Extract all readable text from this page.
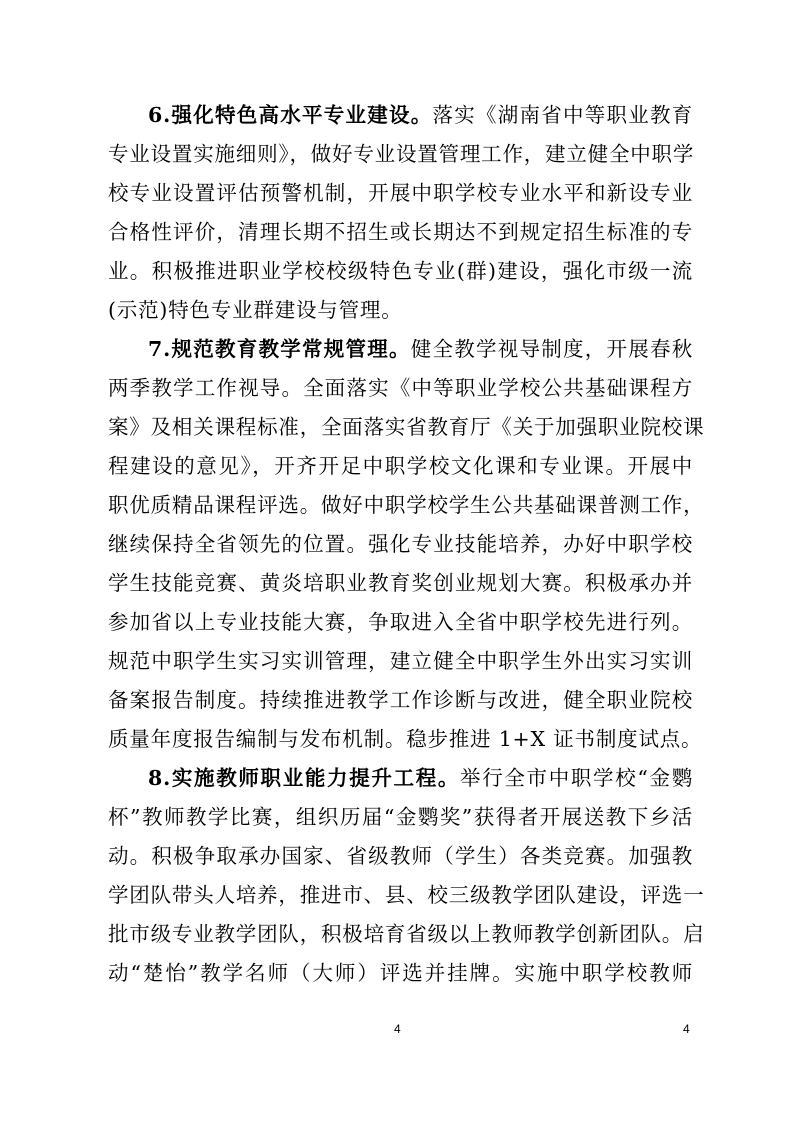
6.强化特色高水平专业建设。落实《湖南省中等职业教育
专业设置实施细则》，做好专业设置管理工作，建立健全中职学
校专业设置评估预警机制，开展中职学校专业水平和新设专业
合格性评价，清理长期不招生或长期达不到规定招生标准的专
业。积极推进职业学校校级特色专业(群)建设，强化市级一流
(示范)特色专业群建设与管理。
7.规范教育教学常规管理。健全教学视导制度，开展春秋
两季教学工作视导。全面落实《中等职业学校公共基础课程方
案》及相关课程标准，全面落实省教育厅《关于加强职业院校课
程建设的意见》，开齐开足中职学校文化课和专业课。开展中
职优质精品课程评选。做好中职学校学生公共基础课普测工作，
继续保持全省领先的位置。强化专业技能培养，办好中职学校
学生技能竞赛、黄炎培职业教育奖创业规划大赛。积极承办并
参加省以上专业技能大赛，争取进入全省中职学校先进行列。
规范中职学生实习实训管理，建立健全中职学生外出实习实训
备案报告制度。持续推进教学工作诊断与改进，健全职业院校
质量年度报告编制与发布机制。稳步推进 1+X 证书制度试点。
8.实施教师职业能力提升工程。举行全市中职学校“金鹦
杯”教师教学比赛，组织历届“金鹦奖”获得者开展送教下乡活
动。积极争取承办国家、省级教师（学生）各类竞赛。加强教
学团队带头人培养，推进市、县、校三级教学团队建设，评选一
批市级专业教学团队，积极培育省级以上教师教学创新团队。启
动“楚怡”教学名师（大师）评选并挂牌。实施中职学校教师
4	4
